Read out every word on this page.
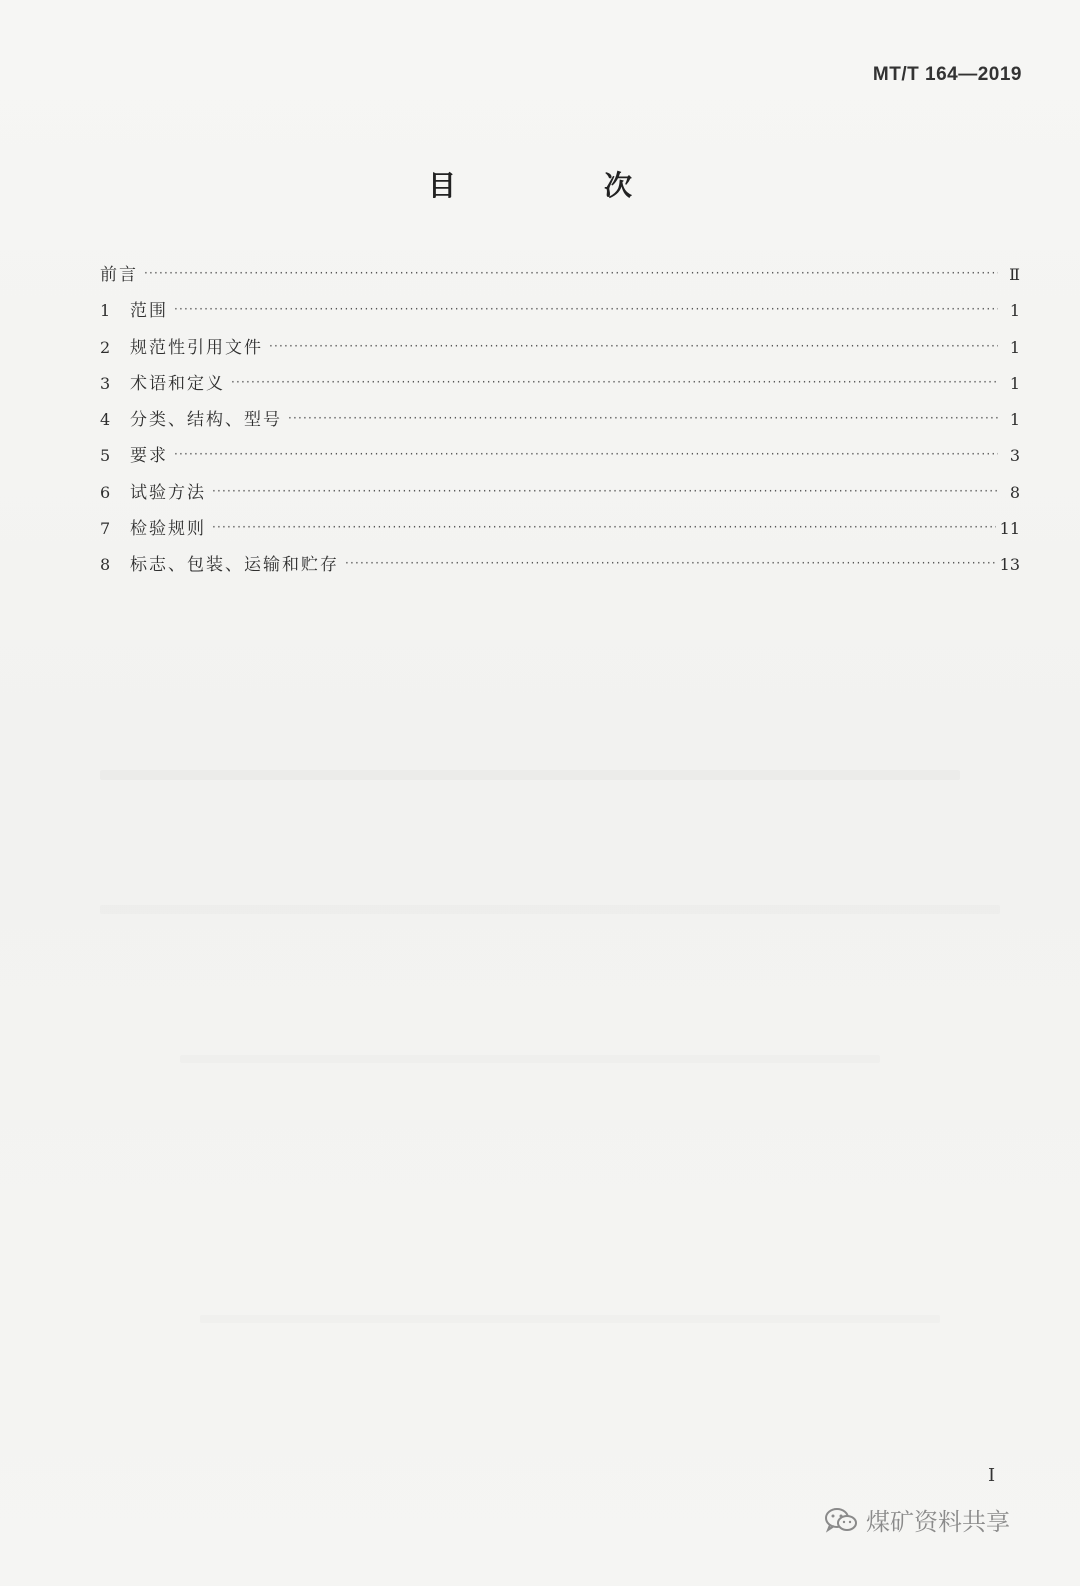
MT/T 164—2019
目　次
前言 ·····	Ⅱ
1	范围 ·····	1
2	规范性引用文件 ·····	1
3	术语和定义 ·····	1
4	分类、结构、型号 ·····	1
5	要求 ·····	3
6	试验方法 ·····	8
7	检验规则 ·····	11
8	标志、包装、运输和贮存 ·····	13
I
煤矿资料共享
